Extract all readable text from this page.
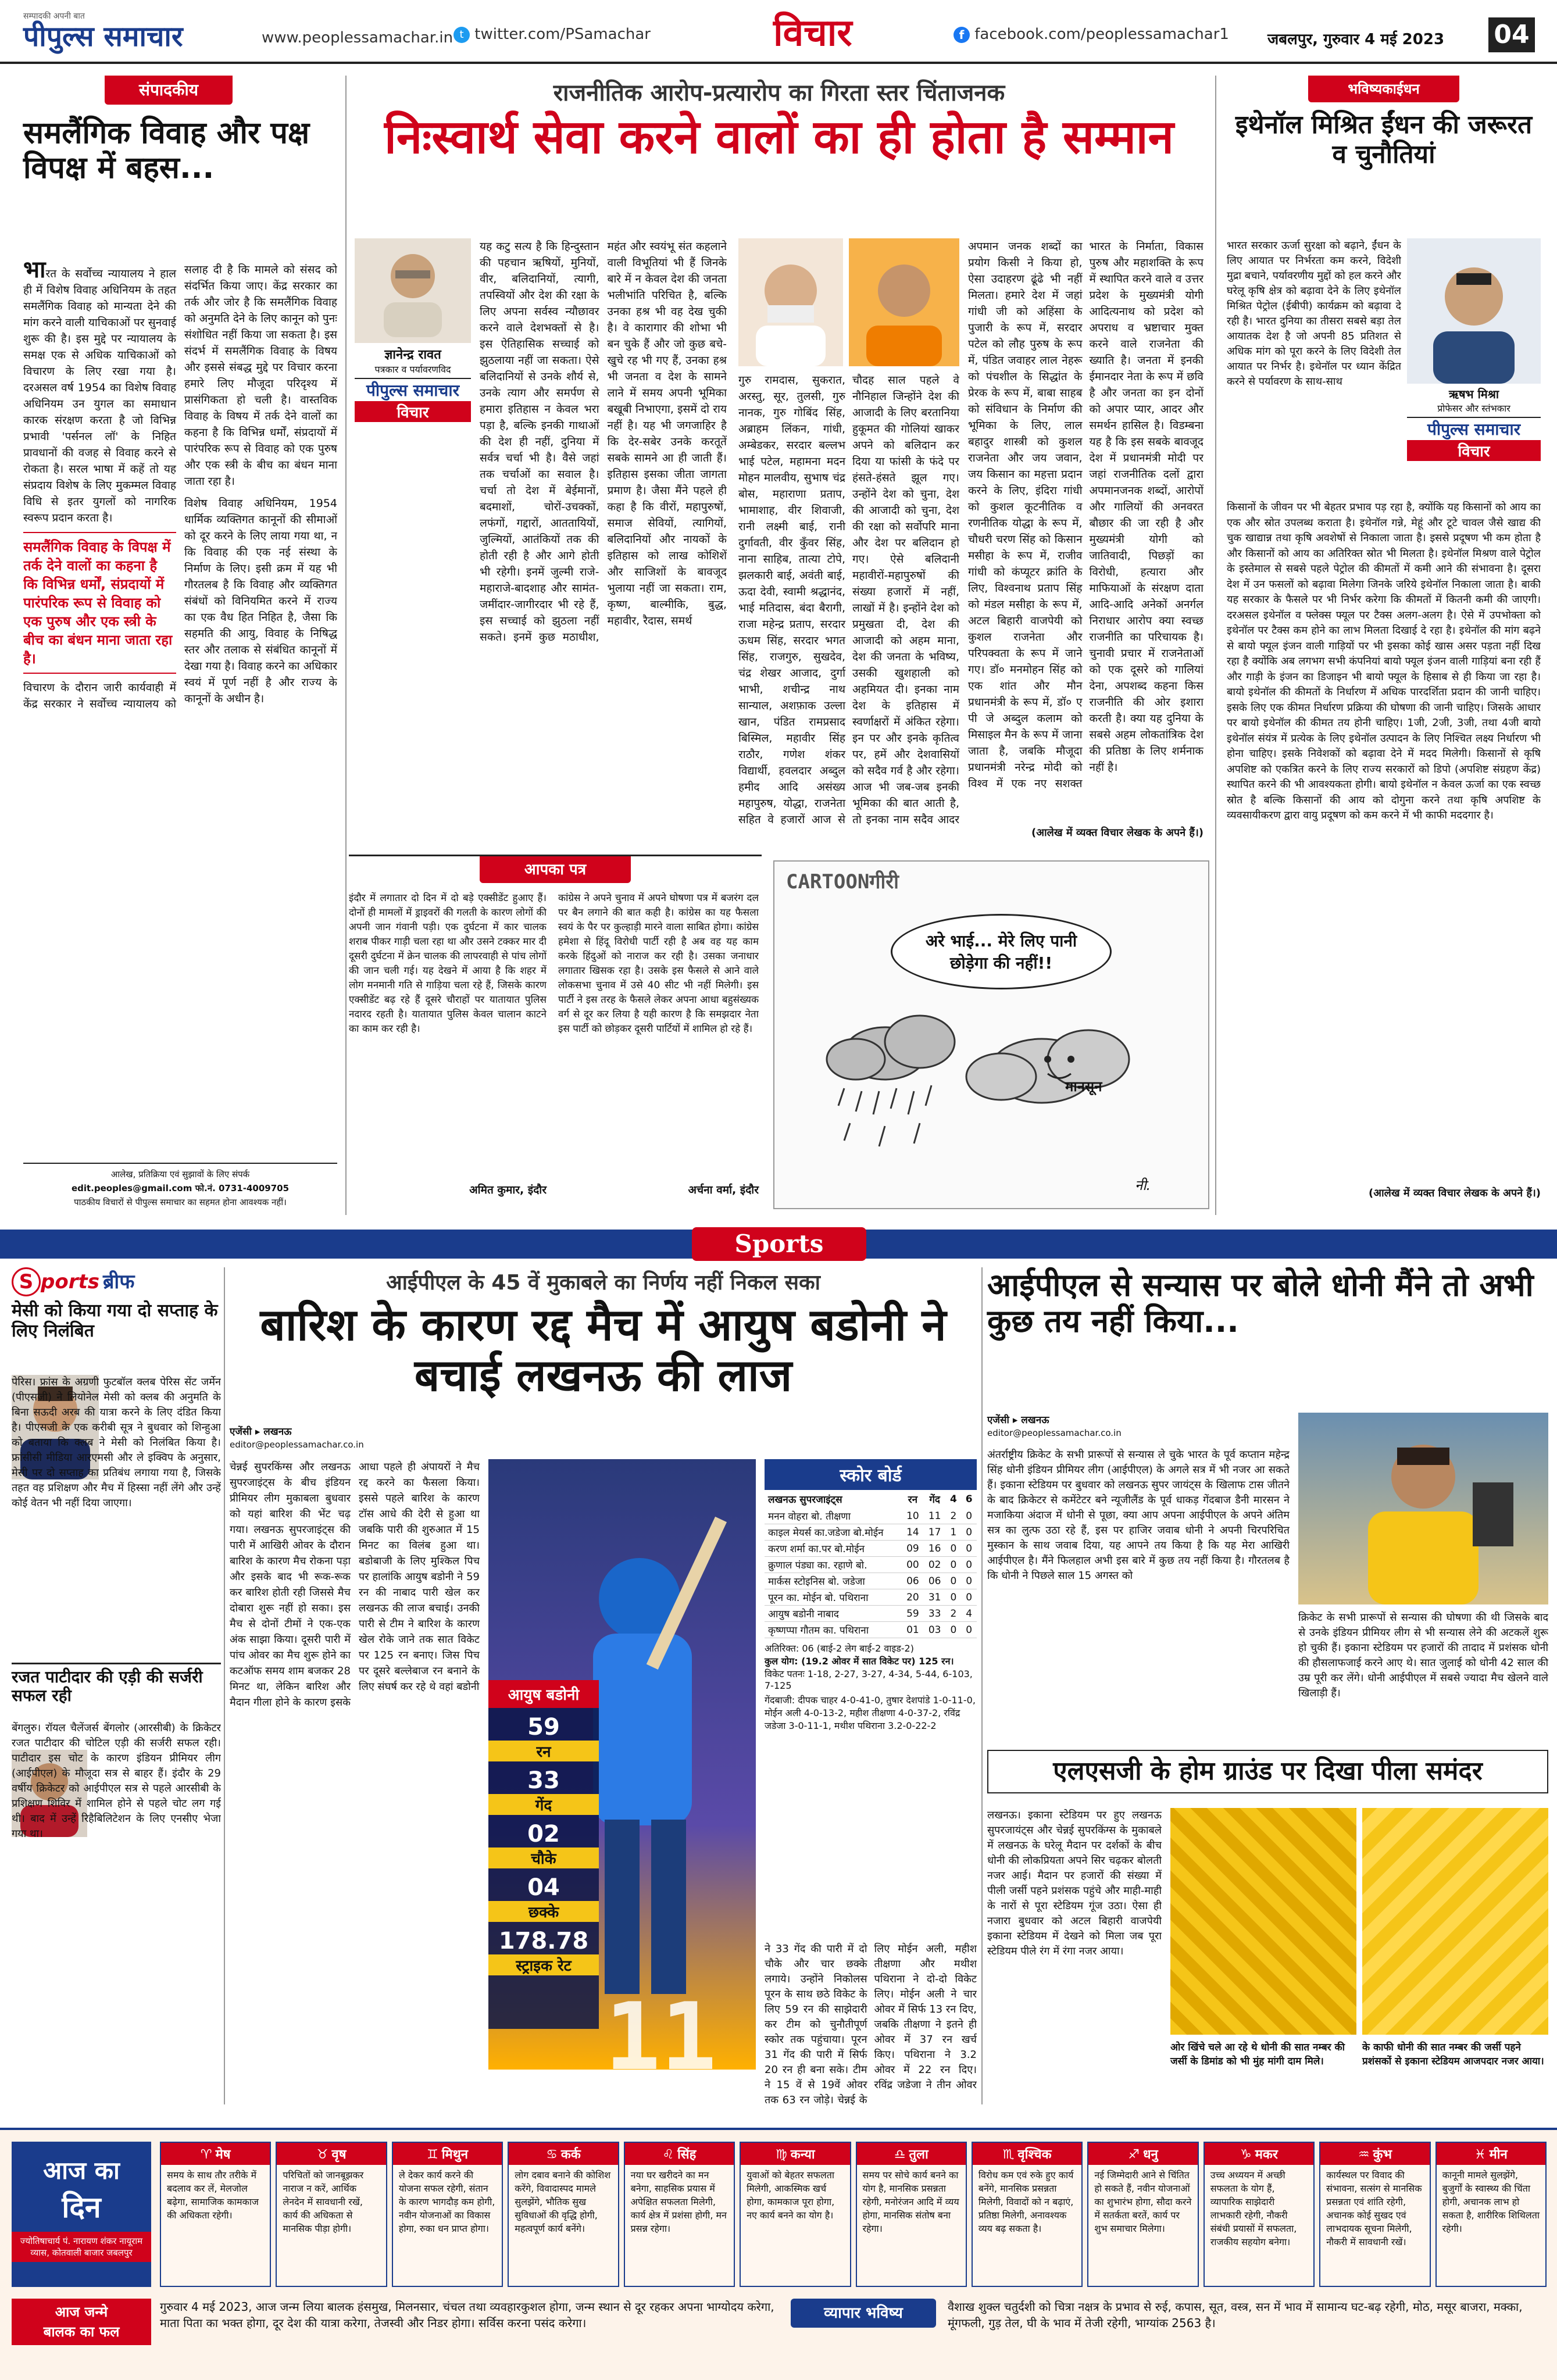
सम्पादकी अपनी बात
पीपुल्स समाचार	www.peoplessamachar.in t twitter.com/PSamachar	विचार	f facebook.com/peoplessamachar1	जबलपुर, गुरुवार 4 मई 2023 04
संपादकीय
समलैंगिक विवाह और पक्ष विपक्ष में बहस...

भारत के सर्वोच्च न्यायालय ने हाल ही में विशेष विवाह अधिनियम के तहत समलैंगिक विवाह को मान्यता देने की मांग करने वाली याचिकाओं पर सुनवाई शुरू की है। इस मुद्दे पर न्यायालय के समक्ष एक से अधिक याचिकाओं को विचारण के लिए रखा गया है। दरअसल वर्ष 1954 का विशेष विवाह अधिनियम उन युगल का समाधान कारक संरक्षण करता है जो विभिन्न प्रभावी 'पर्सनल लॉ' के निहित प्रावधानों की वजह से विवाह करने से रोकता है। सरल भाषा में कहें तो यह संप्रदाय विशेष के लिए मुकम्मल विवाह विधि से इतर युगलों को नागरिक स्वरूप प्रदान करता है।

समलैंगिक विवाह के विपक्ष में तर्क देने वालों का कहना है कि विभिन्न धर्मों, संप्रदायों में पारंपरिक रूप से विवाह को एक पुरुष और एक स्त्री के बीच का बंधन माना जाता रहा है।

विचारण के दौरान जारी कार्यवाही में केंद्र सरकार ने सर्वोच्च न्यायालय को सलाह दी है कि मामले को संसद को संदर्भित किया जाए। केंद्र सरकार का तर्क और जोर है कि समलैंगिक विवाह को अनुमति देने के लिए कानून को पुनः संशोधित नहीं किया जा सकता है। इस संदर्भ में समलैंगिक विवाह के विषय और इससे संबद्ध मुद्दे पर विचार करना हमारे लिए मौजूदा परिदृश्य में प्रासंगिकता हो चली है। वास्तविक विवाह के विषय में तर्क देने वालों का कहना है कि विभिन्न धर्मों, संप्रदायों में पारंपरिक रूप से विवाह को एक पुरुष और एक स्त्री के बीच का बंधन माना जाता रहा है।

विशेष विवाह अधिनियम, 1954 धार्मिक व्यक्तिगत कानूनों की सीमाओं को दूर करने के लिए लाया गया था, न कि विवाह की एक नई संस्था के निर्माण के लिए। इसी क्रम में यह भी गौरतलब है कि विवाह और व्यक्तिगत संबंधों को विनियमित करने में राज्य का एक वैध हित निहित है, जैसा कि सहमति की आयु, विवाह के निषिद्ध स्तर और तलाक से संबंधित कानूनों में देखा गया है। विवाह करने का अधिकार स्वयं में पूर्ण नहीं है और राज्य के कानूनों के अधीन है।

आलेख, प्रतिक्रिया एवं सुझावों के लिए संपर्क
edit.peoples@gmail.com फो.नं. 0731-4009705
पाठकीय विचारों से पीपुल्स समाचार का सहमत होना आवश्यक नहीं।
राजनीतिक आरोप-प्रत्यारोप का गिरता स्तर चिंताजनक
निःस्वार्थ सेवा करने वालों का ही होता है सम्मान
ज्ञानेन्द्र रावत
पत्रकार व पर्यावरणविद
पीपुल्स समाचार
विचार
यह कटु सत्य है कि हिन्दुस्तान की पहचान ऋषियों, मुनियों, वीर, बलिदानियों, त्यागी, तपस्वियों और देश की रक्षा के लिए अपना सर्वस्व न्यौछावर करने वाले देशभक्तों से है। इस ऐतिहासिक सच्चाई को झुठलाया नहीं जा सकता। ऐसे बलिदानियों से उनके शौर्य से, उनके त्याग और समर्पण से हमारा इतिहास न केवल भरा पड़ा है, बल्कि इनकी गाथाओं की देश ही नहीं, दुनिया में सर्वत्र चर्चा भी है। वैसे जहां तक चर्चाओं का सवाल है। चर्चा तो देश में बेईमानों, बदमाशों, चोरों-उचक्कों, लफंगों, गद्दारों, आततायियों, जुल्मियों, आतंकियों तक की होती रही है और आगे होती भी रहेगी। इनमें जुल्मी राजे-महाराजे-बादशाह और सामंत-जमींदार-जागीरदार भी रहे हैं, इस सच्चाई को झुठला नहीं सकते। इनमें कुछ मठाधीश, महंत और स्वयंभू संत कहलाने वाली विभूतियां भी हैं जिनके बारे में न केवल देश की जनता भलीभांति परिचित है, बल्कि उनका हश्र भी वह देख चुकी है। वे कारागार की शोभा भी बन चुके हैं और जो कुछ बचे-खुचे रह भी गए हैं, उनका हश्र भी जनता व देश के सामने लाने में समय अपनी भूमिका बखूबी निभाएगा, इसमें दो राय नहीं है। यह भी जगजाहिर है कि देर-सबेर उनके करतूतें सबके सामने आ ही जाती हैं। इतिहास इसका जीता जागता प्रमाण है। जैसा मैंने पहले ही कहा है कि वीरों, महापुरुषों, समाज सेवियों, त्यागियों, बलिदानियों और नायकों के इतिहास को लाख कोशिशें और साजिशों के बावजूद भुलाया नहीं जा सकता। राम, कृष्ण, बाल्मीकि, बुद्ध, महावीर, रैदास, समर्थ
गुरु रामदास, सुकरात, अरस्तु, सूर, तुलसी, गुरु नानक, गुरु गोबिंद सिंह, अब्राहम लिंकन, गांधी, अम्बेडकर, सरदार बल्लभ भाई पटेल, महामना मदन मोहन मालवीय, सुभाष चंद्र बोस, महाराणा प्रताप, भामाशाह, वीर शिवाजी, रानी लक्ष्मी बाई, रानी दुर्गावती, वीर कुँवर सिंह, नाना साहिब, तात्या टोपे, झलकारी बाई, अवंती बाई, ऊदा देवी, स्वामी श्रद्धानंद, भाई मतिदास, बंदा बैरागी, राजा महेन्द्र प्रताप, सरदार ऊधम सिंह, सरदार भगत सिंह, राजगुरु, सुखदेव, चंद्र शेखर आजाद, दुर्गा भाभी, शचीन्द्र नाथ सान्याल, अशफ़ाक उल्ला खान, पंडित रामप्रसाद बिस्मिल, महावीर सिंह राठौर, गणेश शंकर विद्यार्थी, हवलदार अब्दुल हमीद आदि असंख्य महापुरुष, योद्धा, राजनेता सहित वे हजारों आज से चौदह साल पहले वे नौनिहाल जिन्होंने देश की आजादी के लिए बरतानिया हुकूमत की गोलियां खाकर अपने को बलिदान कर दिया या फांसी के फंदे पर हंसते-हंसते झूल गए। उन्होंने देश को चुना, देश की आजादी को चुना, देश की रक्षा को सर्वोपरि माना और देश पर बलिदान हो गए। ऐसे बलिदानी महावीरों-महापुरुषों की संख्या हजारों में नहीं, लाखों में है। इन्होंने देश को प्रमुखता दी, देश की आजादी को अहम माना, देश की जनता के भविष्य, उसकी खुशहाली को अहमियत दी। इनका नाम देश के इतिहास में स्वर्णाक्षरों में अंकित रहेगा। इन पर और इनके कृतित्व पर, हमें और देशवासियों को सदैव गर्व है और रहेगा। आज भी जब-जब इनकी भूमिका की बात आती है, तो इनका नाम सदैव आदर
अपमान जनक शब्दों का प्रयोग किसी ने किया हो, ऐसा उदाहरण ढूंढे भी नहीं मिलता। हमारे देश में जहां गांधी जी को अहिंसा के पुजारी के रूप में, सरदार पटेल को लौह पुरुष के रूप में, पंडित जवाहर लाल नेहरू को पंचशील के सिद्धांत के प्रेरक के रूप में, बाबा साहब को संविधान के निर्माण की भूमिका के लिए, लाल बहादुर शास्त्री को कुशल राजनेता और जय जवान, जय किसान का महत्ता प्रदान करने के लिए, इंदिरा गांधी को कुशल कूटनीतिक व रणनीतिक योद्धा के रूप में, चौधरी चरण सिंह को किसान मसीहा के रूप में, राजीव गांधी को कंप्यूटर क्रांति के लिए, विश्वनाथ प्रताप सिंह को मंडल मसीहा के रूप में, अटल बिहारी वाजपेयी को कुशल राजनेता और परिपक्वता के रूप में जाने गए। डॉ० मनमोहन सिंह को एक शांत और मौन प्रधानमंत्री के रूप में, डॉ० ए पी जे अब्दुल कलाम को मिसाइल मैन के रूप में जाना जाता है, जबकि मौजूदा प्रधानमंत्री नरेन्द्र मोदी को विश्व में एक नए सशक्त भारत के निर्माता, विकास पुरुष और महाशक्ति के रूप में स्थापित करने वाले व उत्तर प्रदेश के मुख्यमंत्री योगी आदित्यनाथ को प्रदेश को अपराध व भ्रष्टाचार मुक्त करने वाले राजनेता की ख्याति है। जनता में इनकी ईमानदार नेता के रूप में छवि है और जनता का इन दोनों को अपार प्यार, आदर और समर्थन हासिल है। विडम्बना यह है कि इस सबके बावजूद देश में प्रधानमंत्री मोदी पर जहां राजनीतिक दलों द्वारा अपमानजनक शब्दों, आरोपों और गालियों की अनवरत बौछार की जा रही है और मुख्यमंत्री योगी को जातिवादी, पिछड़ों का विरोधी, हत्यारा और माफियाओं के संरक्षण दाता आदि-आदि अनेकों अनर्गल निराधार आरोप क्या स्वच्छ राजनीति का परिचायक है। चुनावी प्रचार में राजनेताओं को एक दूसरे को गालियां देना, अपशब्द कहना किस राजनीति की ओर इशारा करती है। क्या यह दुनिया के सबसे अहम लोकतांत्रिक देश की प्रतिष्ठा के लिए शर्मनाक नहीं है।
(आलेख में व्यक्त विचार लेखक के अपने हैं।)
भविष्यकाईधन
इथेनॉल मिश्रित ईंधन की जरूरत व चुनौतियां
भारत सरकार ऊर्जा सुरक्षा को बढ़ाने, ईंधन के लिए आयात पर निर्भरता कम करने, विदेशी मुद्रा बचाने, पर्यावरणीय मुद्दों को हल करने और घरेलू कृषि क्षेत्र को बढ़ावा देने के लिए इथेनॉल मिश्रित पेट्रोल (ईबीपी) कार्यक्रम को बढ़ावा दे रही है। भारत दुनिया का तीसरा सबसे बड़ा तेल आयातक देश है जो अपनी 85 प्रतिशत से अधिक मांग को पूरा करने के लिए विदेशी तेल आयात पर निर्भर है। इथेनॉल पर ध्यान केंद्रित करने से पर्यावरण के साथ-साथ
ऋषभ मिश्रा
प्रोफेसर और स्तंभकार
पीपुल्स समाचार
विचार
किसानों के जीवन पर भी बेहतर प्रभाव पड़ रहा है, क्योंकि यह किसानों को आय का एक और स्रोत उपलब्ध कराता है। इथेनॉल गन्ने, मेहूं और टूटे चावल जैसे खाद्य की चुक खाद्यान्न तथा कृषि अवशेषों से निकाला जाता है। इससे प्रदूषण भी कम होता है और किसानों को आय का अतिरिक्त स्रोत भी मिलता है। इथेनॉल मिश्रण वाले पेट्रोल के इस्तेमाल से सबसे पहले पेट्रोल की कीमतों में कमी आने की संभावना है। दूसरा देश में उन फसलों को बढ़ावा मिलेगा जिनके जरिये इथेनॉल निकाला जाता है। बाकी यह सरकार के फैसले पर भी निर्भर करेगा कि कीमतों में कितनी कमी की जाएगी। दरअसल इथेनॉल व फ्लेक्स फ्यूल पर टैक्स अलग-अलग है। ऐसे में उपभोक्ता को इथेनॉल पर टैक्स कम होने का लाभ मिलता दिखाई दे रहा है। इथेनॉल की मांग बढ़ने से बायो फ्यूल इंजन वाली गाड़ियों पर भी इसका कोई खास असर पड़ता नहीं दिख रहा है क्योंकि अब लगभग सभी कंपनियां बायो फ्यूल इंजन वाली गाड़ियां बना रही हैं और गाड़ी के इंजन का डिजाइन भी बायो फ्यूल के हिसाब से ही किया जा रहा है। बायो इथेनॉल की कीमतों के निर्धारण में अधिक पारदर्शिता प्रदान की जानी चाहिए। इसके लिए एक कीमत निर्धारण प्रक्रिया की घोषणा की जानी चाहिए। जिसके आधार पर बायो इथेनॉल की कीमत तय होनी चाहिए। 1जी, 2जी, 3जी, तथा 4जी बायो इथेनॉल संयंत्र में प्रत्येक के लिए इथेनॉल उत्पादन के लिए निश्चित लक्ष्य निर्धारण भी होना चाहिए। इसके निवेशकों को बढ़ावा देने में मदद मिलेगी। किसानों से कृषि अपशिष्ट को एकत्रित करने के लिए राज्य सरकारों को डिपो (अपशिष्ट संग्रहण केंद्र) स्थापित करने की भी आवश्यकता होगी। बायो इथेनॉल न केवल ऊर्जा का एक स्वच्छ स्रोत है बल्कि किसानों की आय को दोगुना करने तथा कृषि अपशिष्ट के व्यवसायीकरण द्वारा वायु प्रदूषण को कम करने में भी काफी मददगार है।
(आलेख में व्यक्त विचार लेखक के अपने हैं।)
आपका पत्र
इंदौर में लगातार दो दिन में दो बड़े एक्सीडेंट हुआए हैं। दोनों ही मामलों में ड्राइवरों की गलती के कारण लोगों की अपनी जान गंवानी पड़ी। एक दुर्घटना में कार चालक शराब पीकर गाड़ी चला रहा था और उसने टक्कर मार दी दूसरी दुर्घटना में क्रेन चालक की लापरवाही से पांच लोगों की जान चली गई। यह देखने में आया है कि शहर में लोग मनमानी गति से गाड़िया चला रहे हैं, जिसके कारण एक्सीडेंट बढ़ रहे हैं दूसरे चौराहों पर यातायात पुलिस नदारद रहती है। यातायात पुलिस केवल चालान काटने का काम कर रही है।
अमित कुमार, इंदौर
कांग्रेस ने अपने चुनाव में अपने घोषणा पत्र में बजरंग दल पर बैन लगाने की बात कही है। कांग्रेस का यह फैसला स्वयं के पैर पर कुल्हाड़ी मारने वाला साबित होगा। कांग्रेस हमेशा से हिंदू विरोधी पार्टी रही है अब वह यह काम करके हिंदुओं को नाराज कर रही है। उसका जनाधार लगातार खिसक रहा है। उसके इस फैसले से आने वाले लोकसभा चुनाव में उसे 40 सीट भी नहीं मिलेगी। इस पार्टी ने इस तरह के फैसले लेकर अपना आधा बहुसंख्यक वर्ग से दूर कर लिया है यही कारण है कि समझदार नेता इस पार्टी को छोड़कर दूसरी पार्टियों में शामिल हो रहे हैं।
अर्चना वर्मा, इंदौर
CARTOONगीरी
अरे भाई... मेरे लिए पानी छोड़ेगा की नहीं!!
मानसून
नी.
Sports
S ports ब्रीफ
मेसी को किया गया दो सप्ताह के लिए निलंबित
पेरिस। फ्रांस के अग्रणी फुटबॉल क्लब पेरिस सेंट जर्मेन (पीएसजी) ने लियोनेल मेसी को क्लब की अनुमति के बिना सऊदी अरब की यात्रा करने के लिए दंडित किया है। पीएसजी के एक करीबी सूत्र ने बुधवार को शिन्हुआ को बताया कि क्लब ने मेसी को निलंबित किया है। फ्रांसीसी मीडिया आरएमसी और ले इक्विप के अनुसार, मेसी पर दो सप्ताह का प्रतिबंध लगाया गया है, जिसके तहत वह प्रशिक्षण और मैच में हिस्सा नहीं लेंगे और उन्हें कोई वेतन भी नहीं दिया जाएगा।
रजत पाटीदार की एड़ी की सर्जरी सफल रही
बेंगलुरु। रॉयल चैलेंजर्स बेंगलोर (आरसीबी) के क्रिकेटर रजत पाटीदार की चोटिल एड़ी की सर्जरी सफल रही। पाटीदार इस चोट के कारण इंडियन प्रीमियर लीग (आईपीएल) के मौजूदा सत्र से बाहर हैं। इंदौर के 29 वर्षीय क्रिकेटर को आईपीएल सत्र से पहले आरसीबी के प्रशिक्षण शिविर में शामिल होने से पहले चोट लग गई थी। बाद में उन्हें रिहैबिलिटेशन के लिए एनसीए भेजा गया था।
आईपीएल के 45 वें मुकाबले का निर्णय नहीं निकल सका
बारिश के कारण रद्द मैच में आयुष बडोनी ने बचाई लखनऊ की लाज
एजेंसी ▸ लखनऊ
editor@peoplessamachar.co.in
चेन्नई सुपरकिंग्स और लखनऊ सुपरजाइंट्स के बीच इंडियन प्रीमियर लीग मुकाबला बुधवार को यहां बारिश की भेंट चढ़ गया। लखनऊ सुपरजाइंट्स की पारी में आखिरी ओवर के दौरान बारिश के कारण मैच रोकना पड़ा और इसके बाद भी रूक-रूक कर बारिश होती रही जिससे मैच दोबारा शुरू नहीं हो सका। इस मैच से दोनों टीमों ने एक-एक अंक साझा किया। दूसरी पारी में पांच ओवर का मैच शुरू होने का कटऑफ समय शाम बजकर 28 मिनट था, लेकिन बारिश और मैदान गीला होने के कारण इसके आधा पहले ही अंपायरों ने मैच रद्द करने का फैसला किया। इससे पहले बारिश के कारण टॉस आधे की देरी से हुआ था जबकि पारी की शुरुआत में 15 मिनट का विलंब हुआ था। बडोबाजी के लिए मुश्किल पिच पर हालांकि आयुष बडोनी ने 59 रन की नाबाद पारी खेल कर लखनऊ की लाज बचाई। उनकी पारी से टीम ने बारिश के कारण खेल रोके जाने तक सात विकेट पर 125 रन बनाए। जिस पिच पर दूसरे बल्लेबाज रन बनाने के लिए संघर्ष कर रहे थे वहां बडोनी	आयुष बडोनी
59
रन
33
गेंद
02
चौके
04
छक्के
178.78
स्ट्राइक रेट
11
स्कोर बोर्ड
लखनऊ सुपरजाइंट्स	रन	गेंद	4	6
मनन वोहरा बो. तीक्षणा	10	11	2	0
काइल मेयर्स का.जडेजा बो.मोईन	14	17	1	0
करण शर्मा का.पर बो.मोईन	09	16	0	0
क्रुणाल पंड्या का. रहाणे बो.	00	02	0	0
मार्कस स्टोइनिस बो. जडेजा	06	06	0	0
पूरन का. मोईन बो. पथिराना	20	31	0	0
आयुष बडोनी नाबाद	59	33	2	4
कृष्णप्पा गौतम का. पथिराना	01	03	0	0
अतिरिक्त: 06 (बाई-2 लेग बाई-2 वाइड-2)
कुल योग: (19.2 ओवर में सात विकेट पर) 125 रन।
विकेट पतनः 1-18, 2-27, 3-27, 4-34, 5-44, 6-103, 7-125
गेंदबाजी: दीपक चाहर 4-0-41-0, तुषार देशपांडे 1-0-11-0, मोईन अली 4-0-13-2, महीश तीक्षणा 4-0-37-2, रविंद्र जडेजा 3-0-11-1, मथीश पथिराना 3.2-0-22-2
ने 33 गेंद की पारी में दो चौके और चार छक्के लगाये। उन्होंने निकोलस पूरन के साथ छठे विकेट के लिए 59 रन की साझेदारी कर टीम को चुनौतीपूर्ण स्कोर तक पहुंचाया। पूरन 31 गेंद की पारी में सिर्फ 20 रन ही बना सके। टीम ने 15 वें से 19वें ओवर तक 63 रन जोड़े। चेन्नई के लिए मोईन अली, महीश तीक्षणा और मथीश पथिराना ने दो-दो विकेट लिए। मोईन अली ने चार ओवर में सिर्फ 13 रन दिए, जबकि तीक्षणा ने इतने ही ओवर में 37 रन खर्च किए। पथिराना ने 3.2 ओवर में 22 रन दिए। रविंद्र जडेजा ने तीन ओवर
आईपीएल से सन्यास पर बोले धोनी मैंने तो अभी कुछ तय नहीं किया...
एजेंसी ▸ लखनऊ
editor@peoplessamachar.co.in
अंतर्राष्ट्रीय क्रिकेट के सभी प्रारूपों से सन्यास ले चुके भारत के पूर्व कप्तान महेन्द्र सिंह धोनी इंडियन प्रीमियर लीग (आईपीएल) के अगले सत्र में भी नजर आ सकते हैं। इकाना स्टेडियम पर बुधवार को लखनऊ सुपर जायंट्स के खिलाफ टास जीतने के बाद क्रिकेटर से कमेंटेटर बने न्यूजीलैंड के पूर्व धाकड़ गेंदबाज डैनी मारसन ने मजाकिया अंदाज में धोनी से पूछा, क्या आप अपना आईपीएल के अपने अंतिम सत्र का लुत्फ उठा रहे हैं, इस पर हाजिर जवाब धोनी ने अपनी चिरपरिचित मुस्कान के साथ जवाब दिया, यह आपने तय किया है कि यह मेरा आखिरी आईपीएल है। मैंने फिलहाल अभी इस बारे में कुछ तय नहीं किया है। गौरतलब है कि धोनी ने पिछले साल 15 अगस्त को
क्रिकेट के सभी प्रारूपों से सन्यास की घोषणा की थी जिसके बाद से उनके इंडियन प्रीमियर लीग से भी सन्यास लेने की अटकलें शुरू हो चुकी हैं। इकाना स्टेडियम पर हजारों की तादाद में प्रशंसक धोनी की हौसलाफजाई करने आए थे। सात जुलाई को धोनी 42 साल की उम्र पूरी कर लेंगे। धोनी आईपीएल में सबसे ज्यादा मैच खेलने वाले खिलाड़ी हैं।
एलएसजी के होम ग्राउंड पर दिखा पीला समंदर
लखनऊ। इकाना स्टेडियम पर हुए लखनऊ सुपरजायंट्स और चेन्नई सुपरकिंग्स के मुकाबले में लखनऊ के घरेलू मैदान पर दर्शकों के बीच धोनी की लोकप्रियता अपने सिर चढ़कर बोलती नजर आई। मैदान पर हजारों की संख्या में पीली जर्सी पहने प्रशंसक पहुंचे और माही-माही के नारों से पूरा स्टेडियम गूंज उठा। ऐसा ही नजारा बुधवार को अटल बिहारी वाजपेयी इकाना स्टेडियम में देखने को मिला जब पूरा स्टेडियम पीले रंग में रंगा नजर आया।
ओर खिंचे चले आ रहे थे धोनी की सात नम्बर की जर्सी के डिमांड को भी मुंह मांगी दाम मिले।
के काफी धोनी की सात नम्बर की जर्सी पहने प्रशंसकों से इकाना स्टेडियम आजपदार नजर आया।
आज का
दिन
ज्योतिषाचार्य पं. नारायण शंकर नायूराम व्यास, कोतवाली बाजार जबलपुर
♈ मेष
समय के साथ तौर तरीके में बदलाव कर लें, मेलजोल बढ़ेगा, सामाजिक कामकाज की अधिकता रहेगी।
♉ वृष
परिचितों को जानबूझकर नाराज न करें, आर्थिक लेनदेन में सावधानी रखें, कार्य की अधिकता से मानसिक पीड़ा होगी।
♊ मिथुन
ले देकर कार्य करने की योजना सफल रहेगी, संतान के कारण भागदौड़ कम होगी, नवीन योजनाओं का विकास होगा, रुका धन प्राप्त होगा।
♋ कर्क
लोग दबाव बनाने की कोशिश करेंगे, विवादास्पद मामले सुलझेंगे, भौतिक सुख सुविधाओं की वृद्धि होगी, महत्वपूर्ण कार्य बनेंगे।
♌ सिंह
नया घर खरीदने का मन बनेगा, साहसिक प्रयास में अपेक्षित सफलता मिलेगी, कार्य क्षेत्र में प्रशंसा होगी, मन प्रसन्न रहेगा।
♍ कन्या
युवाओं को बेहतर सफलता मिलेगी, आकस्मिक खर्च होगा, कामकाज पूरा होगा, नए कार्य बनने का योग है।
♎ तुला
समय पर सोचे कार्य बनने का योग है, मानसिक प्रसन्नता रहेगी, मनोरंजन आदि में व्यय होगा, मानसिक संतोष बना रहेगा।
♏ वृश्चिक
विरोध कम एवं रुके हुए कार्य बनेंगे, मानसिक प्रसन्नता मिलेगी, विवादों को न बढ़ाएं, प्रतिष्ठा मिलेगी, अनावश्यक व्यय बढ़ सकता है।
♐ धनु
नई जिम्मेदारी आने से चिंतित हो सकते हैं, नवीन योजनाओं का शुभारंभ होगा, सौदा करने में सतर्कता बरतें, कार्य पर शुभ समाचार मिलेगा।
♑ मकर
उच्च अध्ययन में अच्छी सफलता के योग हैं, व्यापारिक साझेदारी लाभकारी रहेगी, नौकरी संबंधी प्रयासों में सफलता, राजकीय सहयोग बनेगा।
♒ कुंभ
कार्यस्थल पर विवाद की संभावना, सत्संग से मानसिक प्रसन्नता एवं शांति रहेगी, अचानक कोई सुखद एवं लाभदायक सूचना मिलेगी, नौकरी में सावधानी रखें।
♓ मीन
कानूनी मामले सुलझेंगे, बुजुर्गों के स्वास्थ्य की चिंता होगी, अचानक लाभ हो सकता है, शारीरिक शिथिलता रहेगी।
आज जन्मे
बालक का फल
गुरुवार 4 मई 2023, आज जन्म लिया बालक हंसमुख, मिलनसार, चंचल तथा व्यवहारकुशल होगा, जन्म स्थान से दूर रहकर अपना भाग्योदय करेगा, माता पिता का भक्त होगा, दूर देश की यात्रा करेगा, तेजस्वी और निडर होगा। सर्विस करना पसंद करेगा।
व्यापार भविष्य	वैशाख शुक्ल चतुर्दशी को चित्रा नक्षत्र के प्रभाव से रुई, कपास, सूत, वस्त्र, सन में भाव में सामान्य घट-बढ़ रहेगी, मोठ, मसूर बाजरा, मक्का, मूंगफली, गुड़ तेल, घी के भाव में तेजी रहेगी, भाग्यांक 2563 है।
